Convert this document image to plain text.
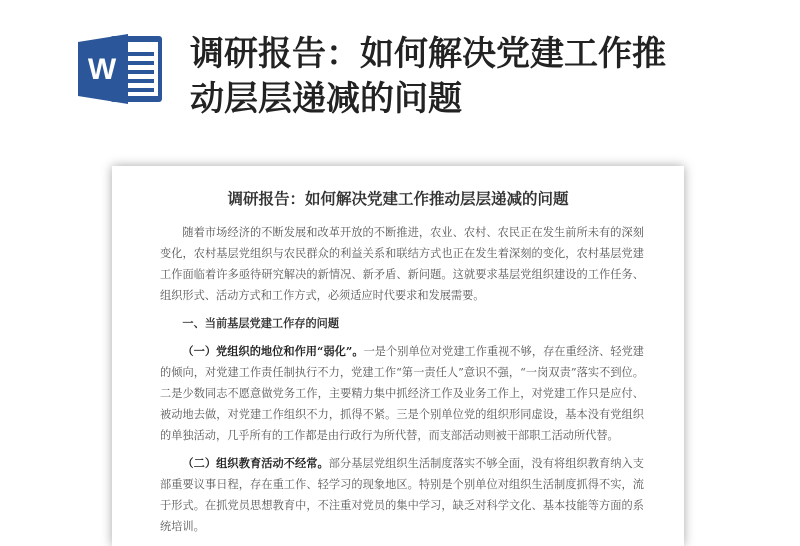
W 调研报告：如何解决党建工作推
动层层递减的问题
调研报告：如何解决党建工作推动层层递减的问题

随着市场经济的不断发展和改革开放的不断推进，农业、农村、农民正在发生前所未有的深刻变化，农村基层党组织与农民群众的利益关系和联结方式也正在发生着深刻的变化，农村基层党建工作面临着许多亟待研究解决的新情况、新矛盾、新问题。这就要求基层党组织建设的工作任务、组织形式、活动方式和工作方式，必须适应时代要求和发展需要。

一、当前基层党建工作存的问题

（一）党组织的地位和作用“弱化”。一是个别单位对党建工作重视不够，存在重经济、轻党建的倾向，对党建工作责任制执行不力，党建工作“第一责任人”意识不强，“一岗双责”落实不到位。二是少数同志不愿意做党务工作，主要精力集中抓经济工作及业务工作上，对党建工作只是应付、被动地去做，对党建工作组织不力，抓得不紧。三是个别单位党的组织形同虚设，基本没有党组织的单独活动，几乎所有的工作都是由行政行为所代替，而支部活动则被干部职工活动所代替。

（二）组织教育活动不经常。部分基层党组织生活制度落实不够全面，没有将组织教育纳入支部重要议事日程，存在重工作、轻学习的现象地区。特别是个别单位对组织生活制度抓得不实，流于形式。在抓党员思想教育中，不注重对党员的集中学习，缺乏对科学文化、基本技能等方面的系统培训。
